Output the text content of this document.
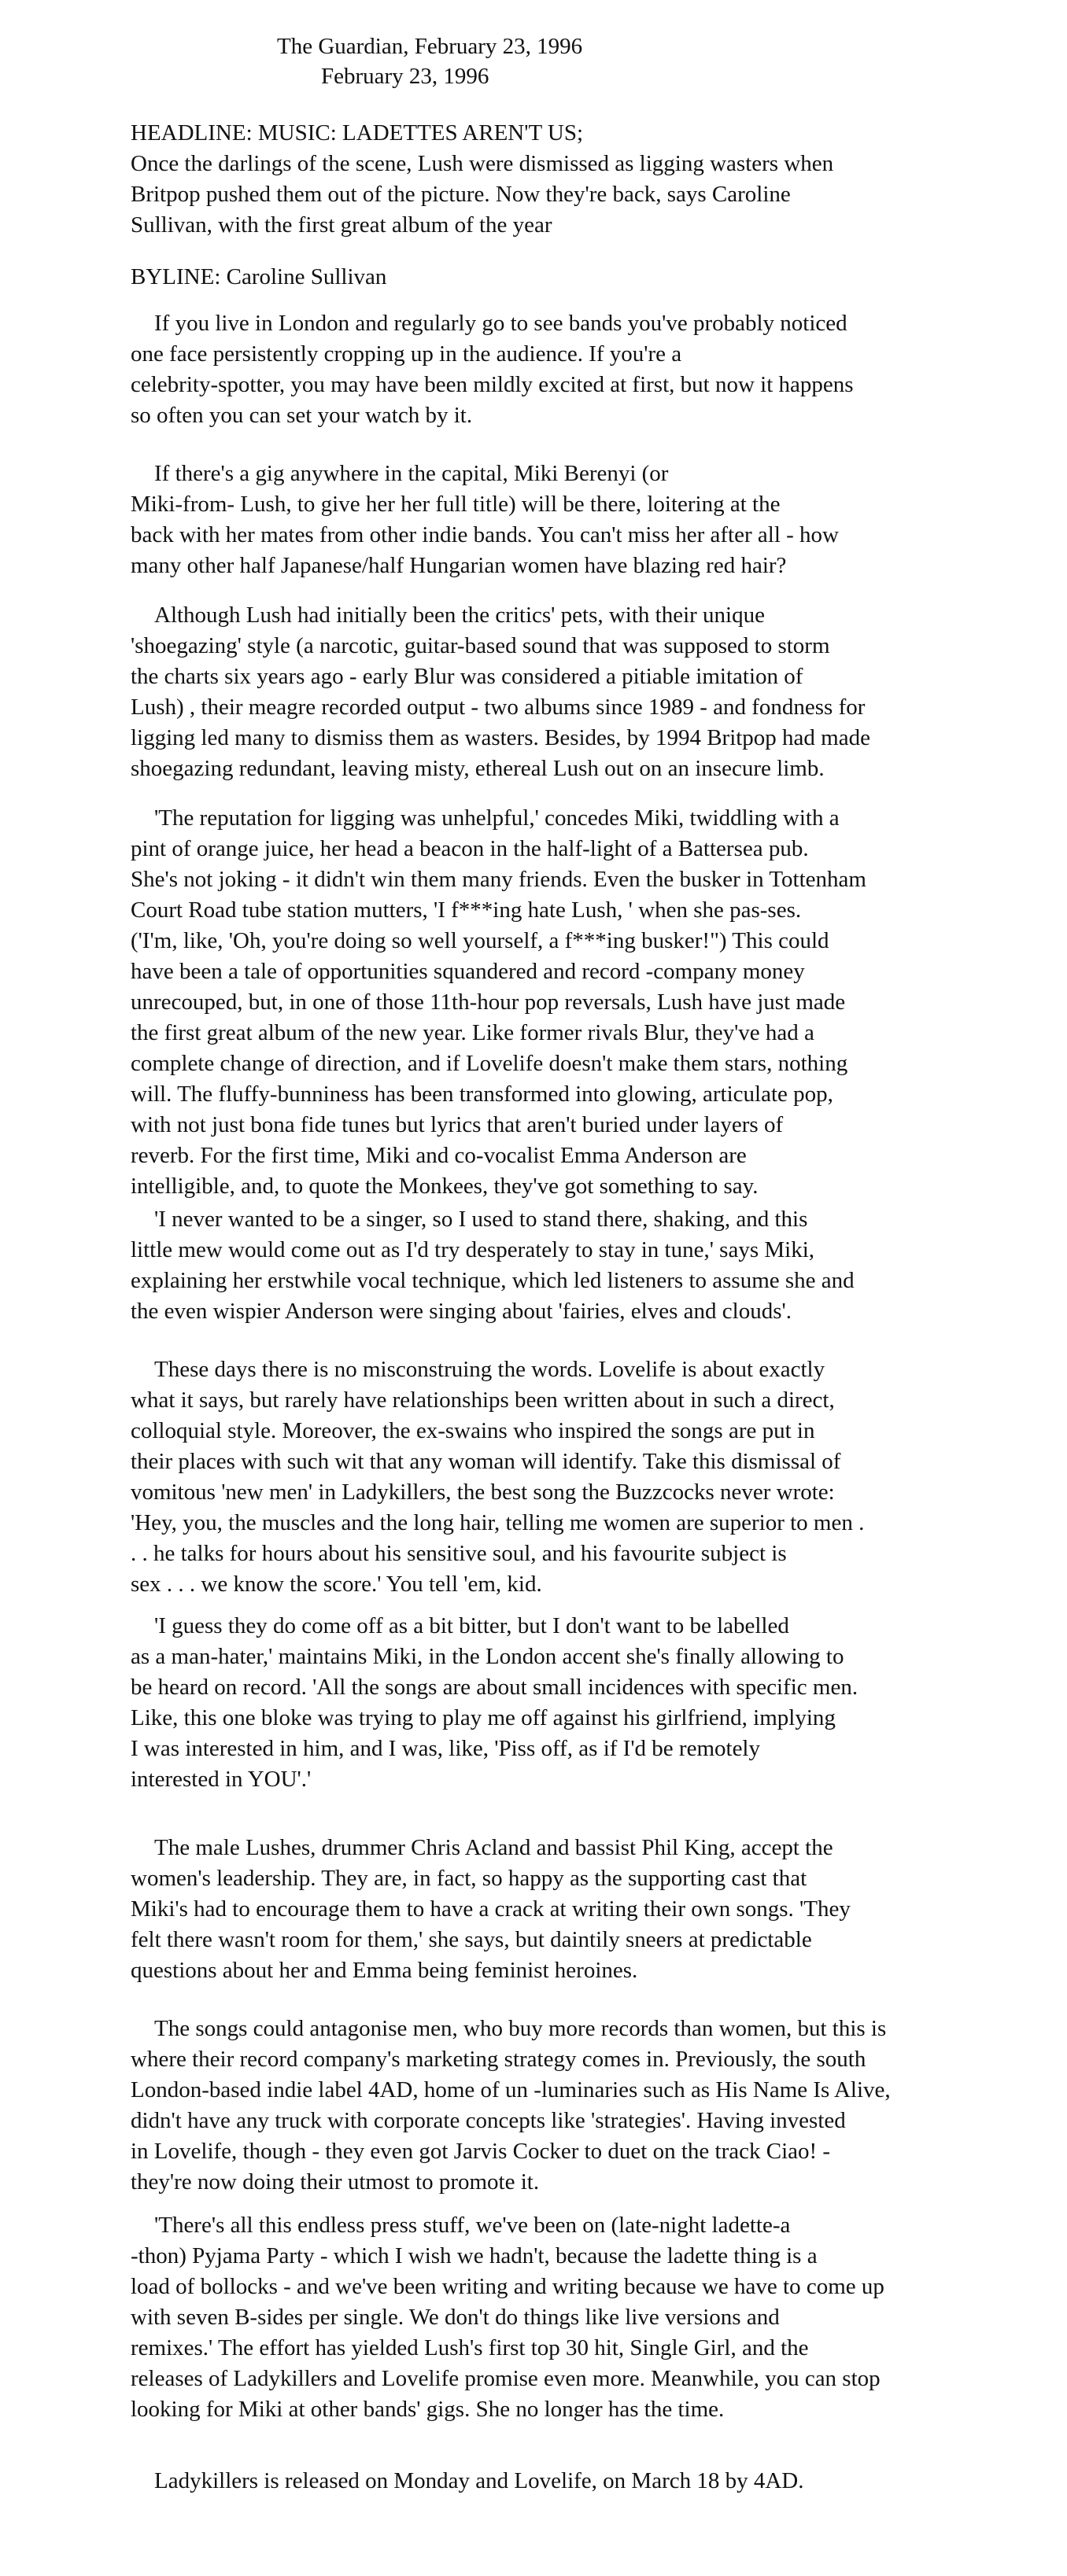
The Guardian, February 23, 1996
February 23, 1996

HEADLINE: MUSIC: LADETTES AREN'T US;

Once the darlings of the scene, Lush were dismissed as ligging wasters when

Britpop pushed them out of the picture. Now they're back, says Caroline

Sullivan, with the first great album of the year

BYLINE: Caroline Sullivan

If you live in London and regularly go to see bands you've probably noticed

one face persistently cropping up in the audience. If you're a

celebrity-spotter, you may have been mildly excited at first, but now it happens

so often you can set your watch by it.

If there's a gig anywhere in the capital, Miki Berenyi (or

Miki-from- Lush, to give her her full title) will be there, loitering at the

back with her mates from other indie bands. You can't miss her after all - how

many other half Japanese/half Hungarian women have blazing red hair?

Although Lush had initially been the critics' pets, with their unique

'shoegazing' style (a narcotic, guitar-based sound that was supposed to storm

the charts six years ago - early Blur was considered a pitiable imitation of

Lush) , their meagre recorded output - two albums since 1989 - and fondness for

ligging led many to dismiss them as wasters. Besides, by 1994 Britpop had made

shoegazing redundant, leaving misty, ethereal Lush out on an insecure limb.

'The reputation for ligging was unhelpful,' concedes Miki, twiddling with a

pint of orange juice, her head a beacon in the half-light of a Battersea pub.

She's not joking - it didn't win them many friends. Even the busker in Tottenham

Court Road tube station mutters, 'I f***ing hate Lush, ' when she pas-ses.

('I'm, like, 'Oh, you're doing so well yourself, a f***ing busker!") This could

have been a tale of opportunities squandered and record -company money

unrecouped, but, in one of those 11th-hour pop reversals, Lush have just made

the first great album of the new year. Like former rivals Blur, they've had a

complete change of direction, and if Lovelife doesn't make them stars, nothing

will. The fluffy-bunniness has been transformed into glowing, articulate pop,

with not just bona fide tunes but lyrics that aren't buried under layers of

reverb. For the first time, Miki and co-vocalist Emma Anderson are

intelligible, and, to quote the Monkees, they've got something to say.

'I never wanted to be a singer, so I used to stand there, shaking, and this

little mew would come out as I'd try desperately to stay in tune,' says Miki,

explaining her erstwhile vocal technique, which led listeners to assume she and

the even wispier Anderson were singing about 'fairies, elves and clouds'.

These days there is no misconstruing the words. Lovelife is about exactly

what it says, but rarely have relationships been written about in such a direct,

colloquial style. Moreover, the ex-swains who inspired the songs are put in

their places with such wit that any woman will identify. Take this dismissal of

vomitous 'new men' in Ladykillers, the best song the Buzzcocks never wrote:

'Hey, you, the muscles and the long hair, telling me women are superior to men .

. . he talks for hours about his sensitive soul, and his favourite subject is

sex . . . we know the score.' You tell 'em, kid.

'I guess they do come off as a bit bitter, but I don't want to be labelled

as a man-hater,' maintains Miki, in the London accent she's finally allowing to

be heard on record. 'All the songs are about small incidences with specific men.

Like, this one bloke was trying to play me off against his girlfriend, implying

I was interested in him, and I was, like, 'Piss off, as if I'd be remotely

interested in YOU'.'

The male Lushes, drummer Chris Acland and bassist Phil King, accept the

women's leadership. They are, in fact, so happy as the supporting cast that

Miki's had to encourage them to have a crack at writing their own songs. 'They

felt there wasn't room for them,' she says, but daintily sneers at predictable

questions about her and Emma being feminist heroines.

The songs could antagonise men, who buy more records than women, but this is

where their record company's marketing strategy comes in. Previously, the south

London-based indie label 4AD, home of un -luminaries such as His Name Is Alive,

didn't have any truck with corporate concepts like 'strategies'. Having invested

in Lovelife, though - they even got Jarvis Cocker to duet on the track Ciao! -

they're now doing their utmost to promote it.

'There's all this endless press stuff, we've been on (late-night ladette-a

-thon) Pyjama Party - which I wish we hadn't, because the ladette thing is a

load of bollocks - and we've been writing and writing because we have to come up

with seven B-sides per single. We don't do things like live versions and

remixes.' The effort has yielded Lush's first top 30 hit, Single Girl, and the

releases of Ladykillers and Lovelife promise even more. Meanwhile, you can stop

looking for Miki at other bands' gigs. She no longer has the time.

Ladykillers is released on Monday and Lovelife, on March 18 by 4AD.
